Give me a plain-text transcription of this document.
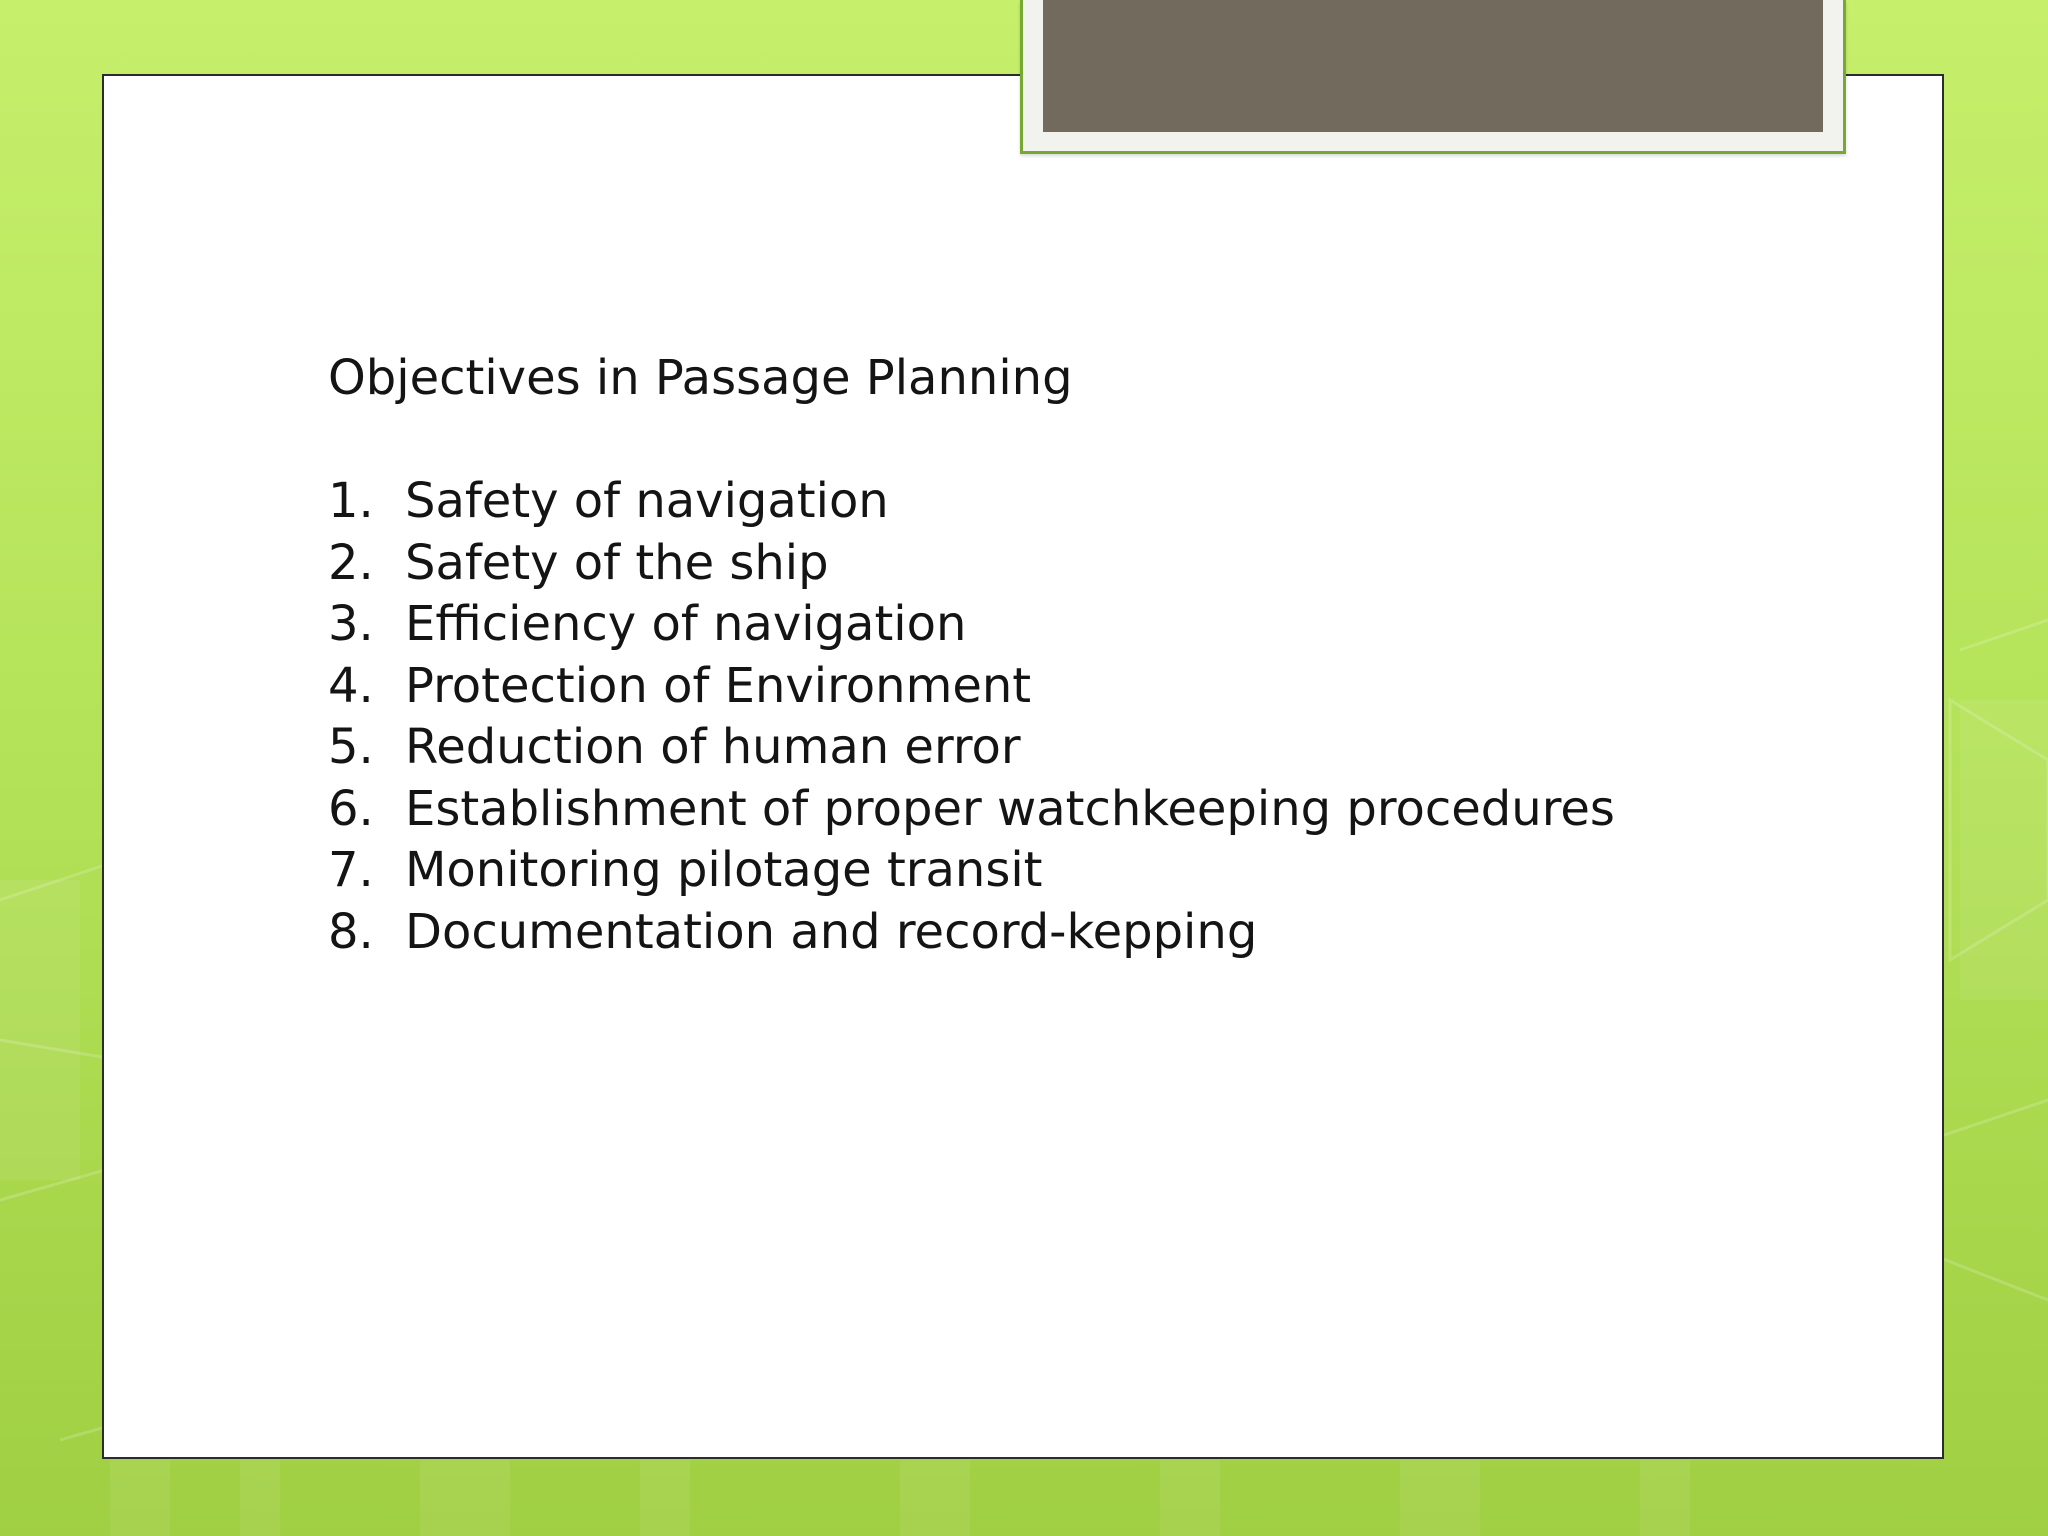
Objectives in Passage Planning

1. Safety of navigation
2. Safety of the ship
3. Efficiency of navigation
4. Protection of Environment
5. Reduction of human error
6. Establishment of proper watchkeeping procedures
7. Monitoring pilotage transit
8. Documentation and record-kepping
